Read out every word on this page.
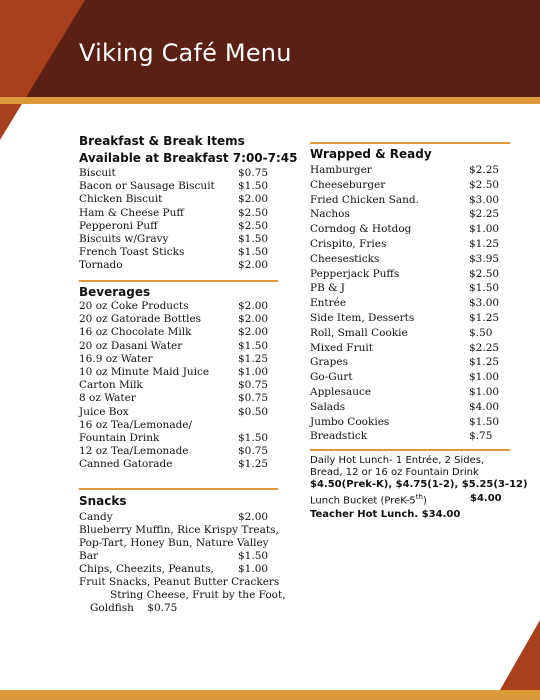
Viking Café Menu
Breakfast & Break Items
Available at Breakfast 7:00-7:45
Biscuit	$0.75
Bacon or Sausage Biscuit $1.50
Chicken Biscuit	$2.00
Ham & Cheese Puff	$2.50
Pepperoni Puff	$2.50
Biscuits w/Gravy	$1.50
French Toast Sticks	$1.50
Tornado	$2.00
Beverages
20 oz Coke Products	$2.00
20 oz Gatorade Bottles	$2.00
16 oz Chocolate Milk	$2.00
20 oz Dasani Water	$1.50
16.9 oz Water	$1.25
10 oz Minute Maid Juice	$1.00
Carton Milk	$0.75
8 oz Water	$0.75
Juice Box	$0.50
16 oz Tea/Lemonade/
Fountain Drink	$1.50
12 oz Tea/Lemonade	$0.75
Canned Gatorade	$1.25
Snacks
Candy	$2.00
Blueberry Muffin, Rice Krispy Treats,
Pop-Tart, Honey Bun, Nature Valley
Bar	$1.50
Chips, Cheezits, Peanuts, $1.00
Fruit Snacks, Peanut Butter Crackers
String Cheese, Fruit by the Foot,
Goldfish $0.75
Wrapped & Ready
Hamburger	$2.25
Cheeseburger	$2.50
Fried Chicken Sand.	$3.00
Nachos	$2.25
Corndog & Hotdog	$1.00
Crispito, Fries	$1.25
Cheesesticks	$3.95
Pepperjack Puffs	$2.50
PB & J	$1.50
Entrée	$3.00
Side Item, Desserts	$1.25
Roll, Small Cookie	$.50
Mixed Fruit	$2.25
Grapes	$1.25
Go-Gurt	$1.00
Applesauce	$1.00
Salads	$4.00
Jumbo Cookies	$1.50
Breadstick	$.75
Daily Hot Lunch- 1 Entrée, 2 Sides,
Bread, 12 or 16 oz Fountain Drink
$4.50(Prek-K), $4.75(1-2), $5.25(3-12)
Lunch Bucket (PreK-5th)	$4.00
Teacher Hot Lunch. $34.00
